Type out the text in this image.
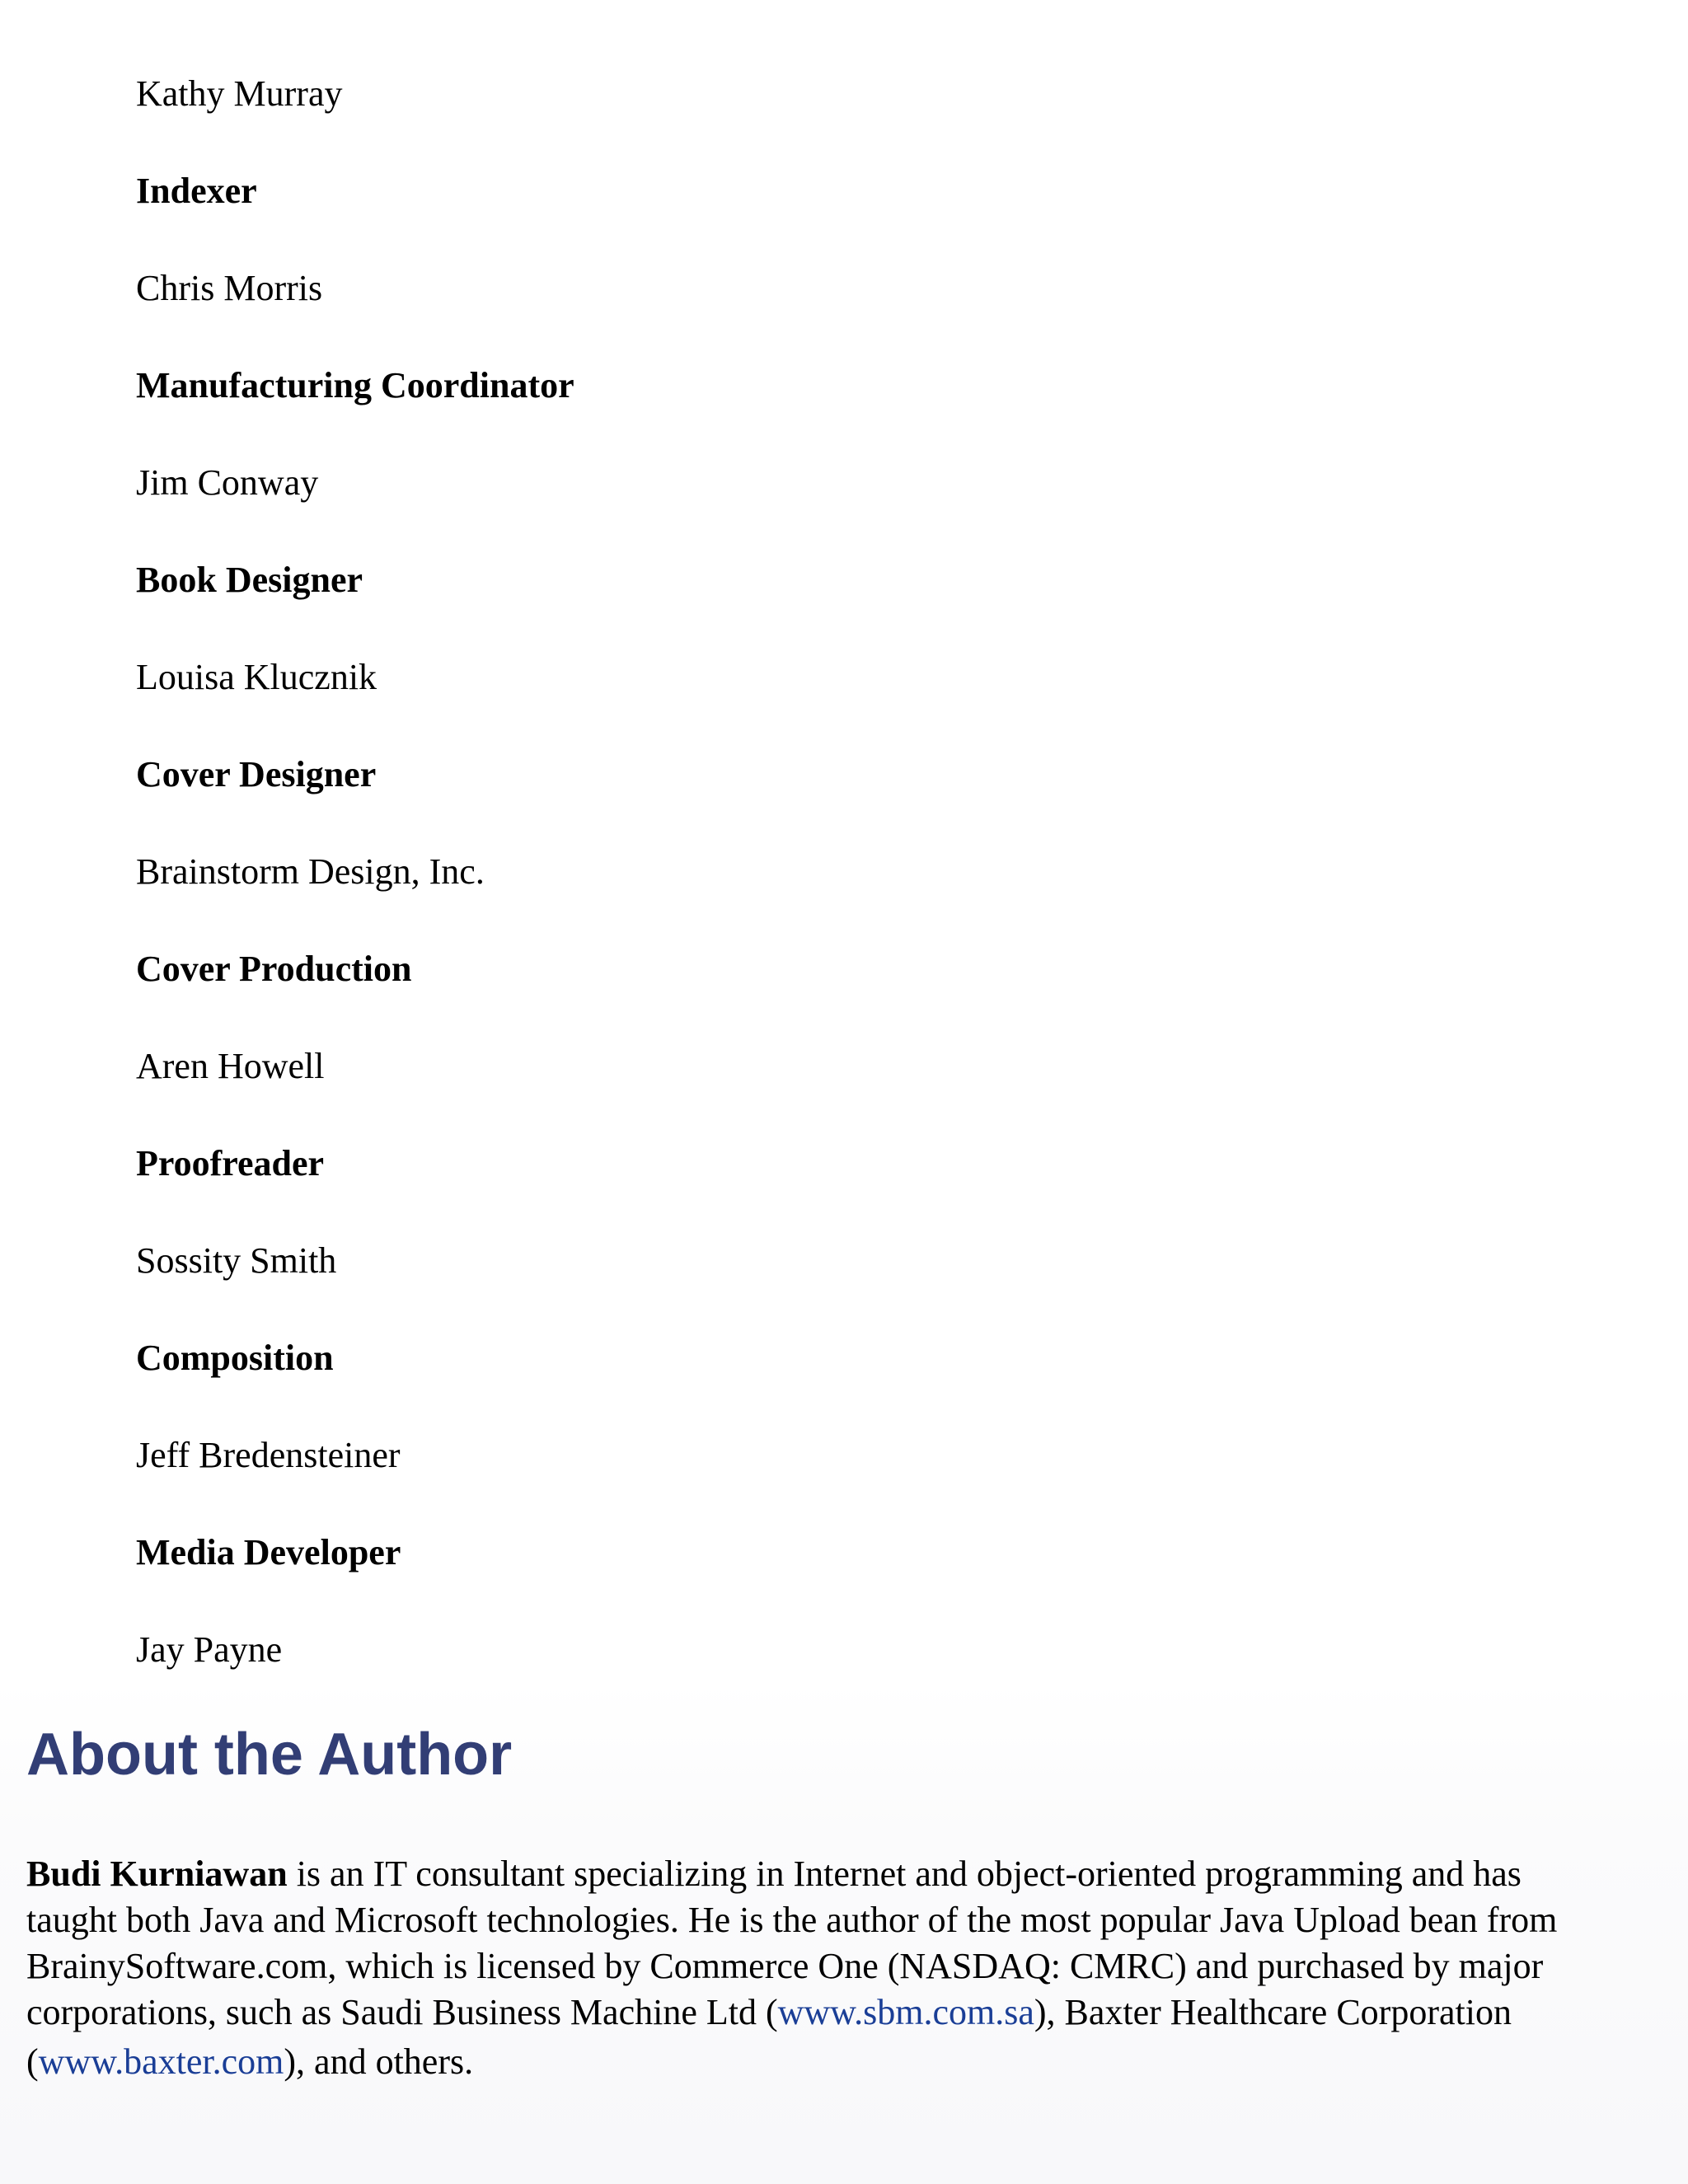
Kathy Murray
Indexer
Chris Morris
Manufacturing Coordinator
Jim Conway
Book Designer
Louisa Klucznik
Cover Designer
Brainstorm Design, Inc.
Cover Production
Aren Howell
Proofreader
Sossity Smith
Composition
Jeff Bredensteiner
Media Developer
Jay Payne
About the Author

Budi Kurniawan is an IT consultant specializing in Internet and object-oriented programming and has
taught both Java and Microsoft technologies. He is the author of the most popular Java Upload bean from
BrainySoftware.com, which is licensed by Commerce One (NASDAQ: CMRC) and purchased by major
corporations, such as Saudi Business Machine Ltd (www.sbm.com.sa), Baxter Healthcare Corporation
(www.baxter.com), and others.
